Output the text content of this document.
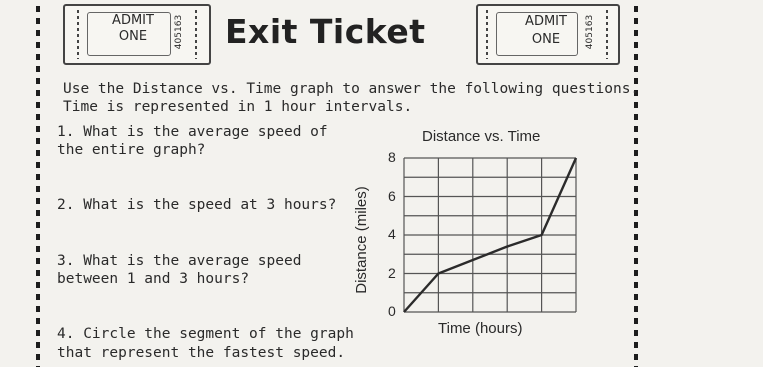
ADMIT
ONE	405163 Exit Ticket	ADMIT
ONE	405163
Use the Distance vs. Time graph to answer the following questions.
Time is represented in 1 hour intervals.
1. What is the average speed of
the entire graph?
2. What is the speed at 3 hours?
3. What is the average speed
between 1 and 3 hours?
4. Circle the segment of the graph
that represent the fastest speed.
Distance vs. Time
Time (hours)
Distance (miles)
0
2
4
6
8
